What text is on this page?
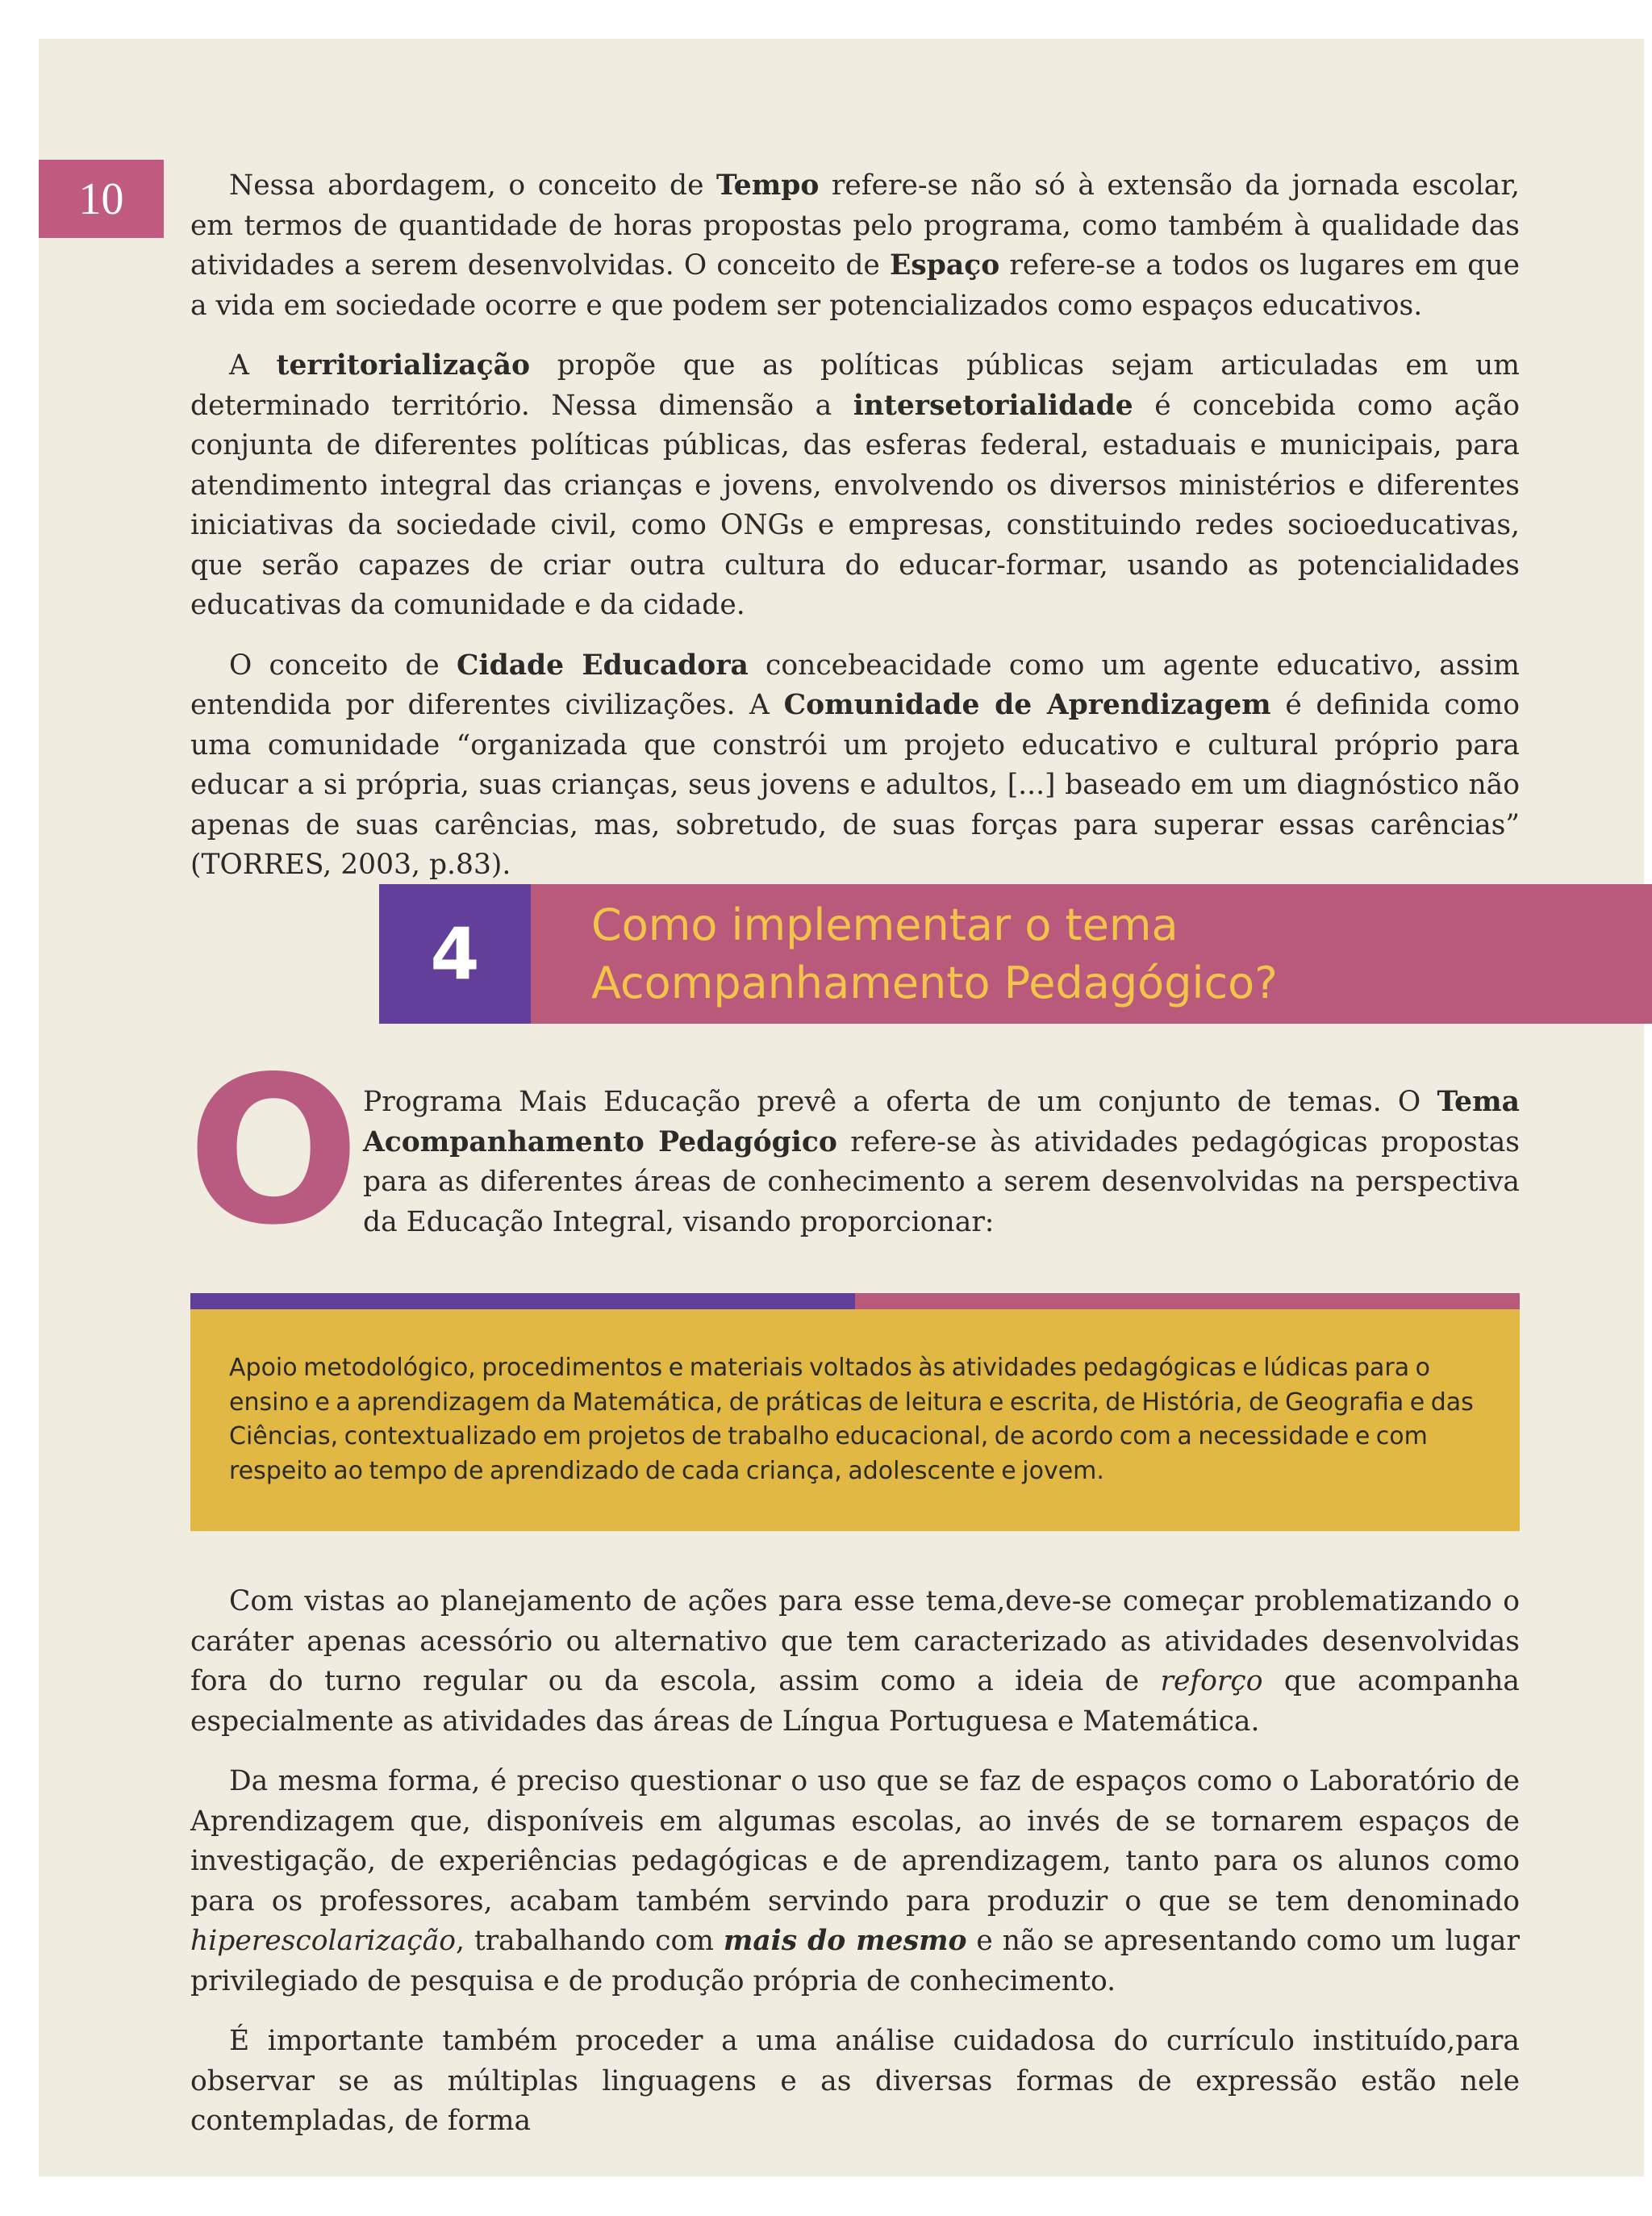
10	Nessa abordagem, o conceito de Tempo refere-se não só à extensão da jornada escolar, em termos de quantidade de horas propostas pelo programa, como também à qualidade das atividades a serem desenvolvidas. O conceito de Espaço refere-se a todos os lugares em que a vida em sociedade ocorre e que podem ser potencializados como espaços educativos.

A territorialização propõe que as políticas públicas sejam articuladas em um determinado território. Nessa dimensão a intersetorialidade é concebida como ação conjunta de diferentes políticas públicas, das esferas federal, estaduais e municipais, para atendimento integral das crianças e jovens, envolvendo os diversos ministérios e diferentes iniciativas da sociedade civil, como ONGs e empresas, constituindo redes socioeducativas, que serão capazes de criar outra cultura do educar-formar, usando as potencialidades educativas da comunidade e da cidade.

O conceito de Cidade Educadora concebeacidade como um agente educativo, assim entendida por diferentes civilizações. A Comunidade de Aprendizagem é definida como uma comunidade “organizada que constrói um projeto educativo e cultural próprio para educar a si própria, suas crianças, seus jovens e adultos, [...] baseado em um diagnóstico não apenas de suas carências, mas, sobretudo, de suas forças para superar essas carências” (TORRES, 2003, p.83).

4	Como implementar o tema
Acompanhamento Pedagógico?
O Programa Mais Educação prevê a oferta de um conjunto de temas. O Tema Acompanhamento Pedagógico refere-se às atividades pedagógicas propostas para as diferentes áreas de conhecimento a serem desenvolvidas na perspectiva da Educação Integral, visando proporcionar:

Apoio metodológico, procedimentos e materiais voltados às atividades pedagógicas e lúdicas para o ensino e a aprendizagem da Matemática, de práticas de leitura e escrita, de História, de Geografia e das Ciências, contextualizado em projetos de trabalho educacional, de acordo com a necessidade e com respeito ao tempo de aprendizado de cada criança, adolescente e jovem.

Com vistas ao planejamento de ações para esse tema,deve-se começar problematizando o caráter apenas acessório ou alternativo que tem caracterizado as atividades desenvolvidas fora do turno regular ou da escola, assim como a ideia de reforço que acompanha especialmente as atividades das áreas de Língua Portuguesa e Matemática.

Da mesma forma, é preciso questionar o uso que se faz de espaços como o Laboratório de Aprendizagem que, disponíveis em algumas escolas, ao invés de se tornarem espaços de investigação, de experiências pedagógicas e de aprendizagem, tanto para os alunos como para os professores, acabam também servindo para produzir o que se tem denominado hiperescolarização, trabalhando com mais do mesmo e não se apresentando como um lugar privilegiado de pesquisa e de produção própria de conhecimento.

É importante também proceder a uma análise cuidadosa do currículo instituído,para observar se as múltiplas linguagens e as diversas formas de expressão estão nele contempladas, de forma
